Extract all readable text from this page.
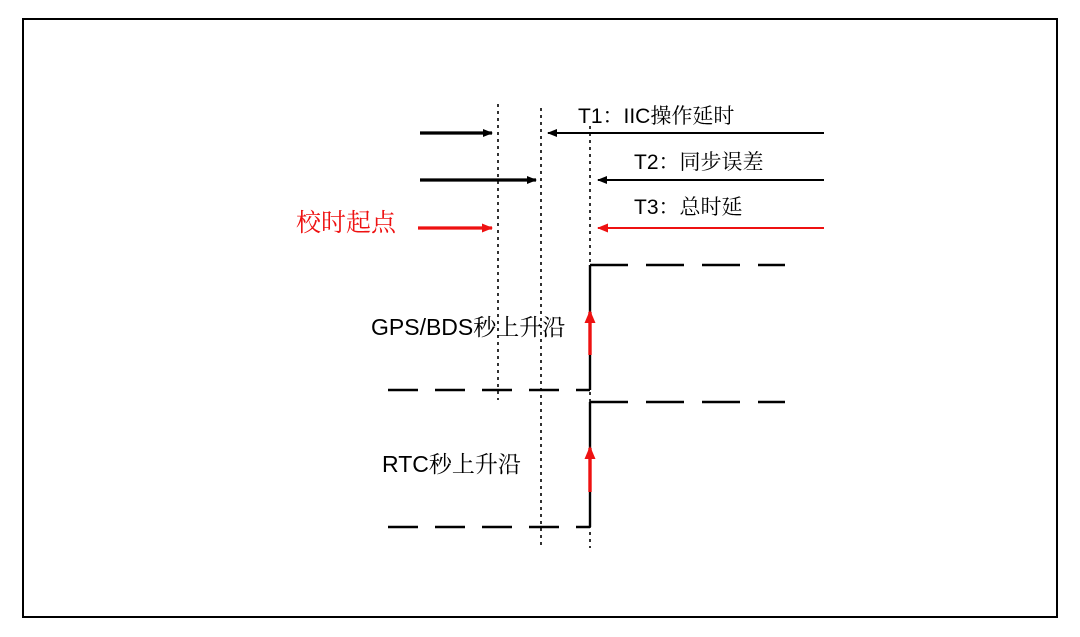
T1：IIC操作延时
T2：同步误差
T3：总时延
校时起点
GPS/BDS秒上升沿
RTC秒上升沿
